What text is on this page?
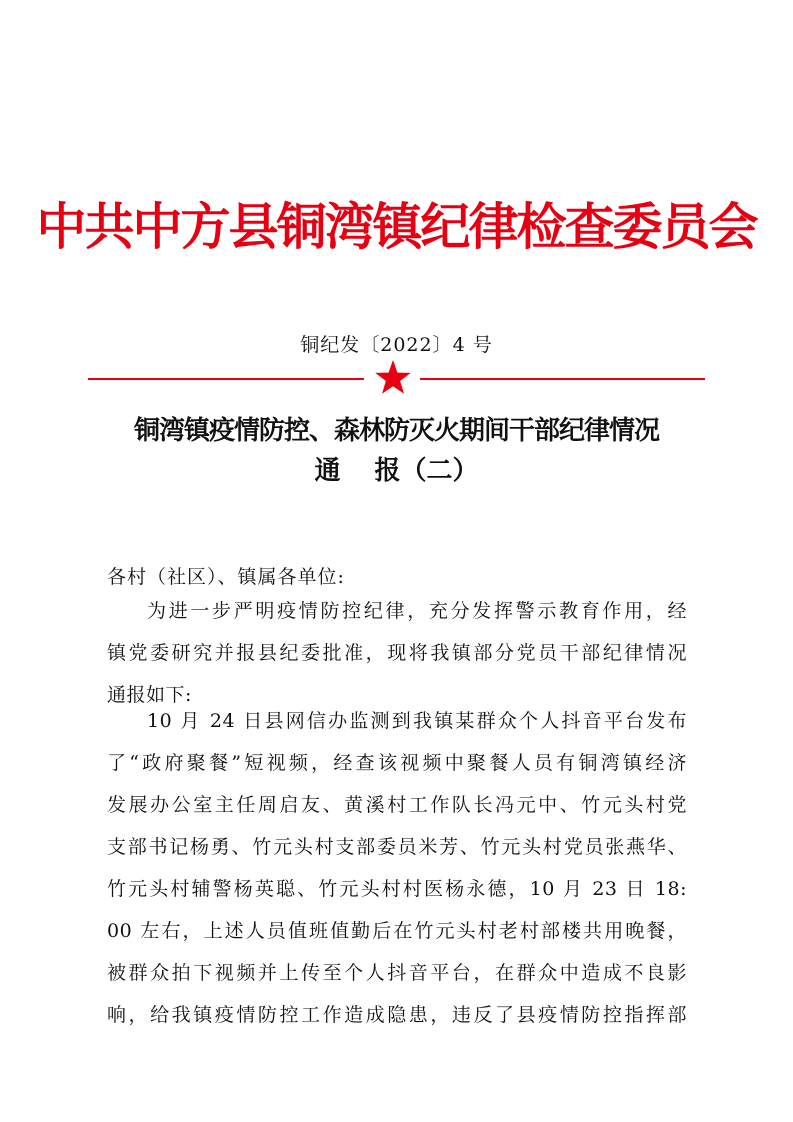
中共中方县铜湾镇纪律检查委员会
铜纪发〔2022〕4 号
铜湾镇疫情防控、森林防灭火期间干部纪律情况
通 报（二）
各村（社区）、镇属各单位:
为进一步严明疫情防控纪律，充分发挥警示教育作用，经
镇党委研究并报县纪委批准，现将我镇部分党员干部纪律情况
通报如下:
10 月 24 日县网信办监测到我镇某群众个人抖音平台发布
了“政府聚餐”短视频，经查该视频中聚餐人员有铜湾镇经济
发展办公室主任周启友、黄溪村工作队长冯元中、竹元头村党
支部书记杨勇、竹元头村支部委员米芳、竹元头村党员张燕华、
竹元头村辅警杨英聪、竹元头村村医杨永德，10 月 23 日 18:
00 左右，上述人员值班值勤后在竹元头村老村部楼共用晚餐，
被群众拍下视频并上传至个人抖音平台，在群众中造成不良影
响，给我镇疫情防控工作造成隐患，违反了县疫情防控指挥部
